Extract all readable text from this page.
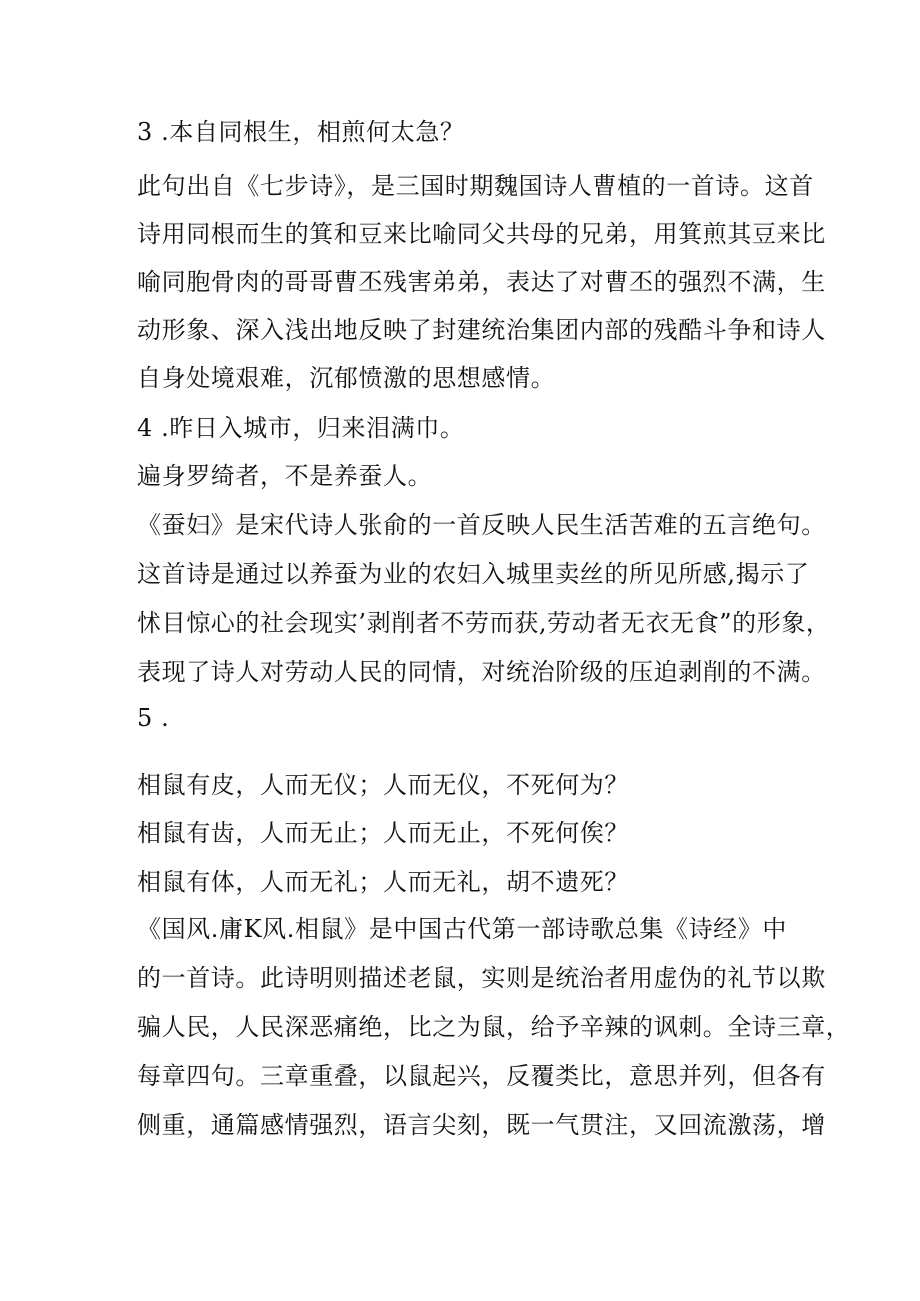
3 .本自同根生，相煎何太急？
此句出自《七步诗》，是三国时期魏国诗人曹植的一首诗。这首
诗用同根而生的箕和豆来比喻同父共母的兄弟，用箕煎其豆来比
喻同胞骨肉的哥哥曹丕残害弟弟，表达了对曹丕的强烈不满，生
动形象、深入浅出地反映了封建统治集团内部的残酷斗争和诗人
自身处境艰难，沉郁愤激的思想感情。
4 .昨日入城市，归来泪满巾。
遍身罗绮者，不是养蚕人。
《蚕妇》是宋代诗人张俞的一首反映人民生活苦难的五言绝句。
这首诗是通过以养蚕为业的农妇入城里卖丝的所见所感,揭示了
怵目惊心的社会现实’剥削者不劳而获,劳动者无衣无食”的形象，
表现了诗人对劳动人民的同情，对统治阶级的压迫剥削的不满。
5 .
相鼠有皮，人而无仪；人而无仪，不死何为？
相鼠有齿，人而无止；人而无止，不死何俟？
相鼠有体，人而无礼；人而无礼，胡不遗死？
《国风.庸K风.相鼠》是中国古代第一部诗歌总集《诗经》中
的一首诗。此诗明则描述老鼠，实则是统治者用虚伪的礼节以欺
骗人民，人民深恶痛绝，比之为鼠，给予辛辣的讽刺。全诗三章，
每章四句。三章重叠，以鼠起兴，反覆类比，意思并列，但各有
侧重，通篇感情强烈，语言尖刻，既一气贯注，又回流激荡，增
